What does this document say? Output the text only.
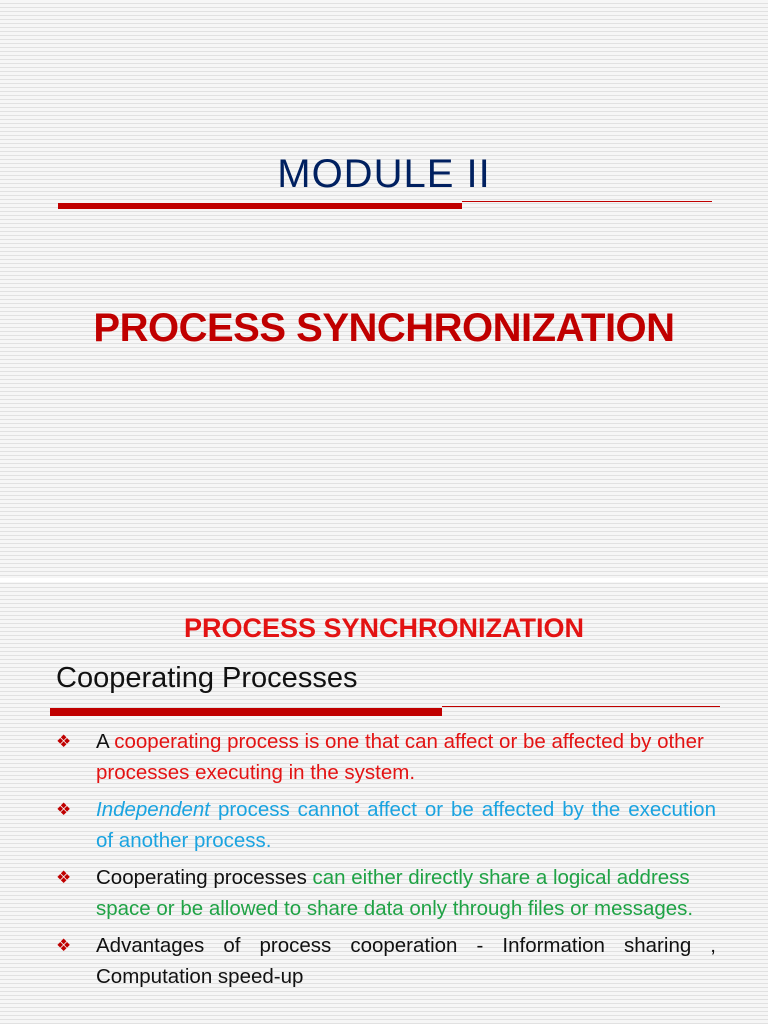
MODULE II
PROCESS SYNCHRONIZATION
PROCESS SYNCHRONIZATION
Cooperating Processes
❖ A cooperating process is one that can affect or be affected by other processes executing in the system.
❖ Independent process cannot affect or be affected by the execution of another process.
❖ Cooperating processes can either directly share a logical address space or be allowed to share data only through files or messages.
❖ Advantages of process cooperation - Information sharing , Computation speed-up
